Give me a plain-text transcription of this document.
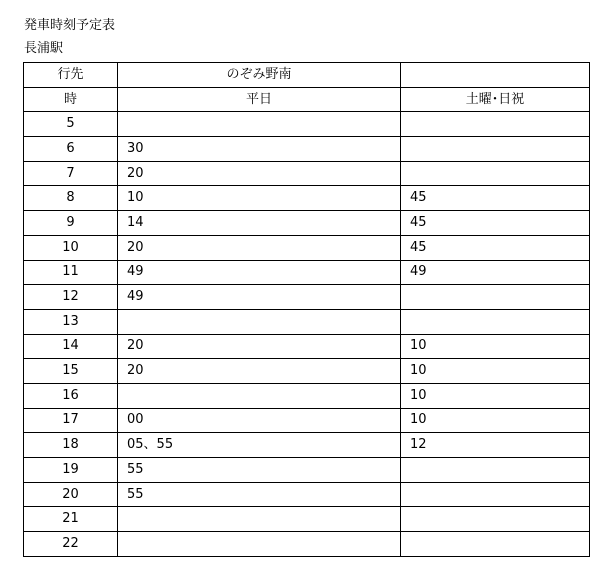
発車時刻予定表
長浦駅
行先	のぞみ野南	
時	平日	土曜･日祝
5		
6	30	
7	20	
8	10	45
9	14	45
10	20	45
11	49	49
12	49	
13		
14	20	10
15	20	10
16		10
17	00	10
18	05、55	12
19	55	
20	55	
21		
22		
